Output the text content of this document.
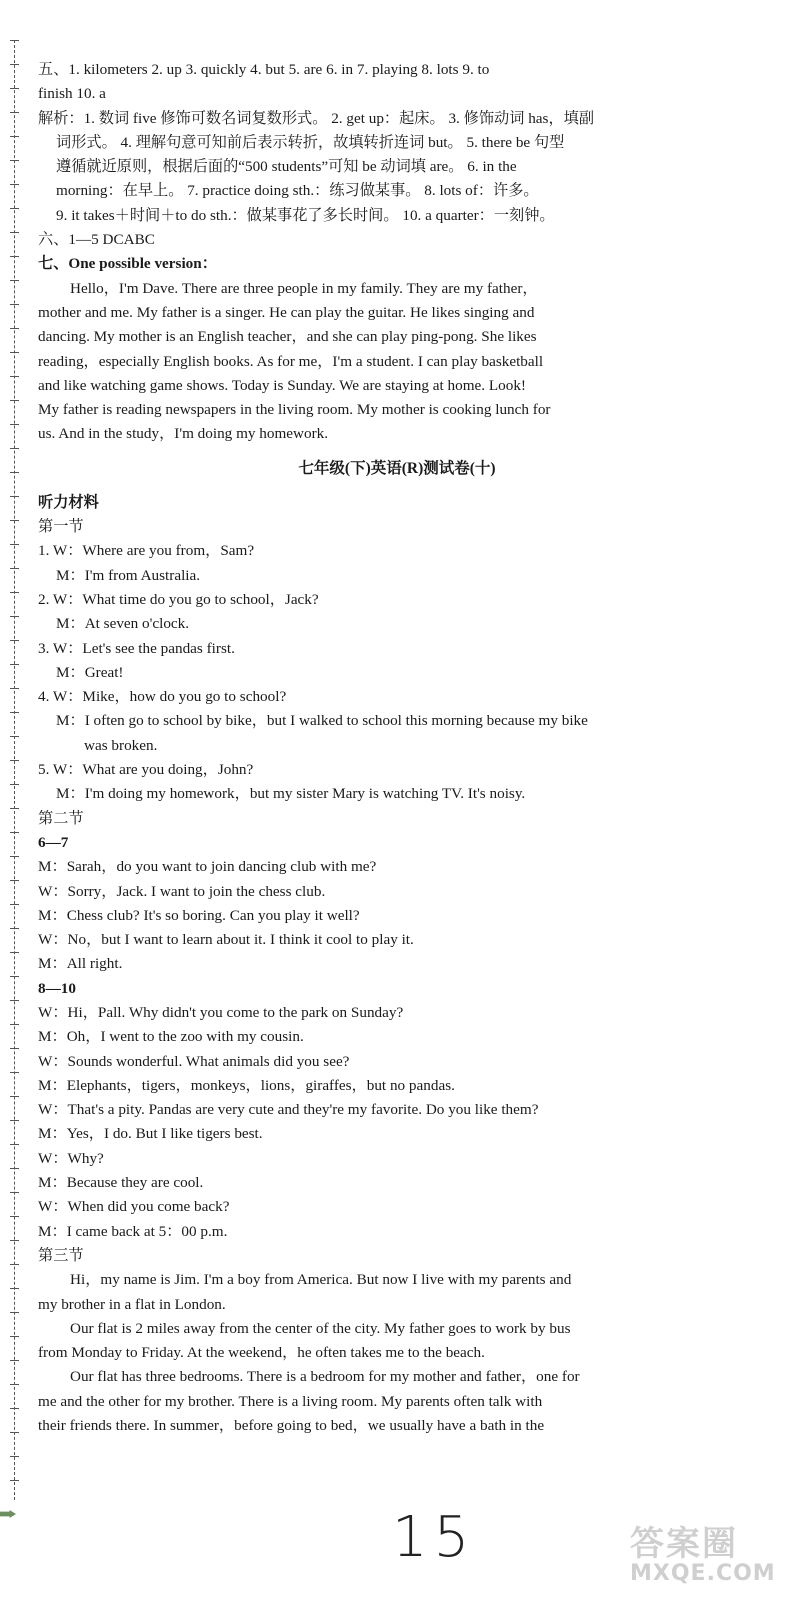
五、1. kilometers 2. up 3. quickly 4. but 5. are 6. in 7. playing 8. lots 9. to
finish 10. a
解析：1. 数词 five 修饰可数名词复数形式。 2. get up：起床。 3. 修饰动词 has，填副
词形式。 4. 理解句意可知前后表示转折，故填转折连词 but。 5. there be 句型
遵循就近原则，根据后面的“500 students”可知 be 动词填 are。 6. in the
morning：在早上。 7. practice doing sth.：练习做某事。 8. lots of：许多。
9. it takes＋时间＋to do sth.：做某事花了多长时间。 10. a quarter：一刻钟。
六、1—5 DCABC
七、One possible version：
Hello，I'm Dave. There are three people in my family. They are my father，
mother and me. My father is a singer. He can play the guitar. He likes singing and
dancing. My mother is an English teacher，and she can play ping-pong. She likes
reading，especially English books. As for me，I'm a student. I can play basketball
and like watching game shows. Today is Sunday. We are staying at home. Look!
My father is reading newspapers in the living room. My mother is cooking lunch for
us. And in the study，I'm doing my homework.
七年级(下)英语(R)测试卷(十)
听力材料
第一节
1. W：Where are you from，Sam?
M：I'm from Australia.
2. W：What time do you go to school，Jack?
M：At seven o'clock.
3. W：Let's see the pandas first.
M：Great!
4. W：Mike，how do you go to school?
M：I often go to school by bike，but I walked to school this morning because my bike
was broken.
5. W：What are you doing，John?
M：I'm doing my homework，but my sister Mary is watching TV. It's noisy.
第二节
6—7
M：Sarah，do you want to join dancing club with me?
W：Sorry，Jack. I want to join the chess club.
M：Chess club? It's so boring. Can you play it well?
W：No，but I want to learn about it. I think it cool to play it.
M：All right.
8—10
W：Hi，Pall. Why didn't you come to the park on Sunday?
M：Oh，I went to the zoo with my cousin.
W：Sounds wonderful. What animals did you see?
M：Elephants，tigers，monkeys，lions，giraffes，but no pandas.
W：That's a pity. Pandas are very cute and they're my favorite. Do you like them?
M：Yes，I do. But I like tigers best.
W：Why?
M：Because they are cool.
W：When did you come back?
M：I came back at 5：00 p.m.
第三节
Hi，my name is Jim. I'm a boy from America. But now I live with my parents and
my brother in a flat in London.
Our flat is 2 miles away from the center of the city. My father goes to work by bus
from Monday to Friday. At the weekend，he often takes me to the beach.
Our flat has three bedrooms. There is a bedroom for my mother and father，one for
me and the other for my brother. There is a living room. My parents often talk with
their friends there. In summer，before going to bed，we usually have a bath in the
15	答案圈
MXQE.COM
